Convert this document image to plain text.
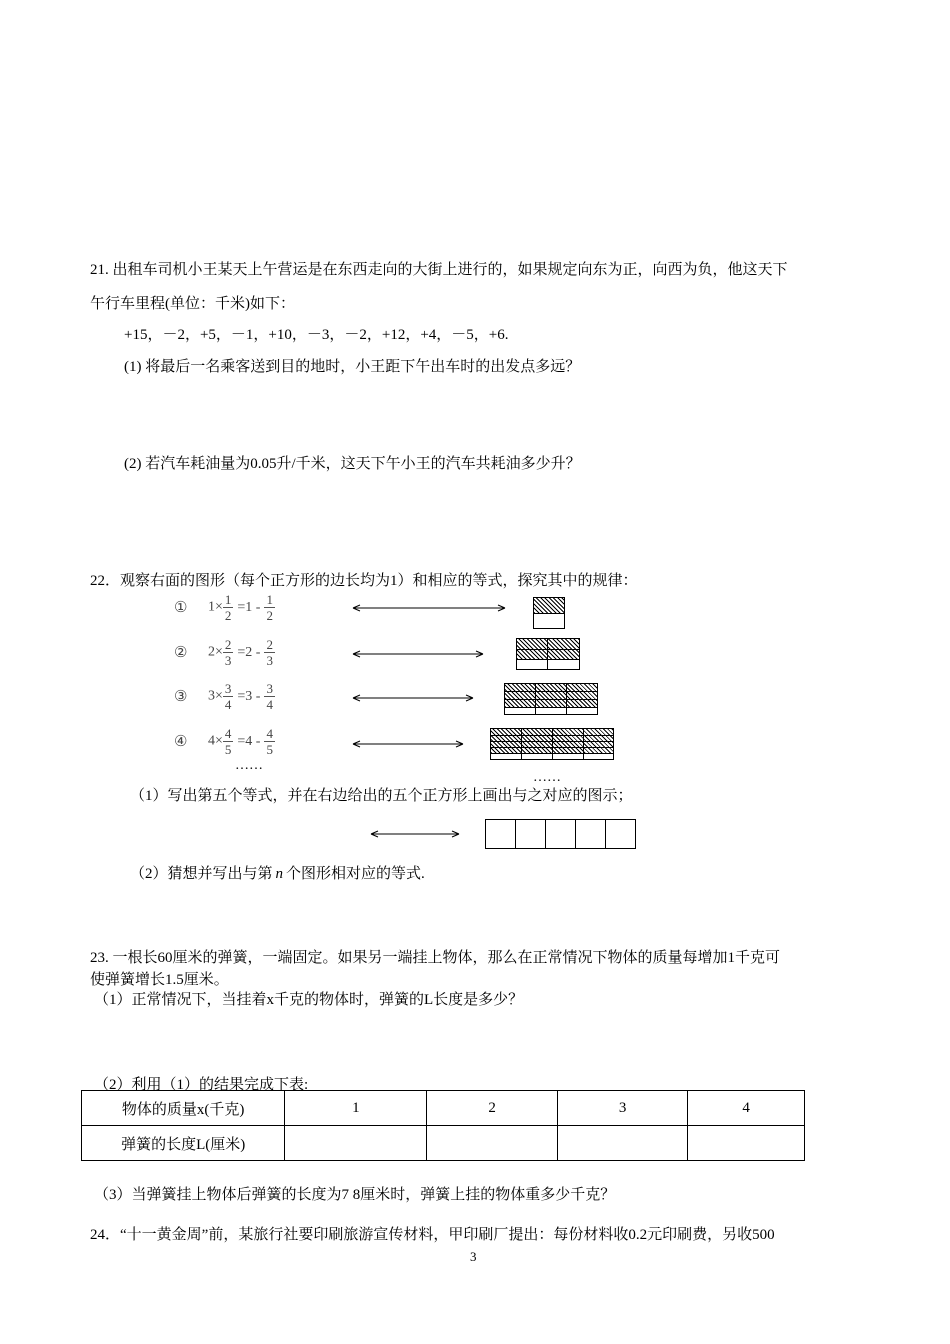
21. 出租车司机小王某天上午营运是在东西走向的大街上进行的，如果规定向东为正，向西为负，他这天下
午行车里程(单位：千米)如下：
+15，－2，+5，－1，+10，－3，－2，+12，+4，－5，+6.
(1) 将最后一名乘客送到目的地时，小王距下午出车时的出发点多远？
(2) 若汽车耗油量为0.05升/千米，这天下午小王的汽车共耗油多少升？
22．观察右面的图形（每个正方形的边长均为1）和相应的等式，探究其中的规律：
① $1\times \frac{1}{2} =1 - \frac{1}{2}$
② $2\times \frac{2}{3} =2 - \frac{2}{3}$
③ $3\times \frac{3}{4} =3 - \frac{3}{4}$
④ $4\times \frac{4}{5} =4 - \frac{4}{5}$
……
……
（1）写出第五个等式，并在右边给出的五个正方形上画出与之对应的图示；
（2）猜想并写出与第 n 个图形相对应的等式.
23. 一根长60厘米的弹簧，一端固定。如果另一端挂上物体，那么在正常情况下物体的质量每增加1千克可
使弹簧增长1.5厘米。
（1）正常情况下，当挂着x千克的物体时，弹簧的L长度是多少？
（2）利用（1）的结果完成下表:
物体的质量x(千克)	1	2	3	4
弹簧的长度L(厘米)				
（3）当弹簧挂上物体后弹簧的长度为7 8厘米时，弹簧上挂的物体重多少千克？
24．“十一黄金周”前，某旅行社要印刷旅游宣传材料，甲印刷厂提出：每份材料收0.2元印刷费，另收500
3
